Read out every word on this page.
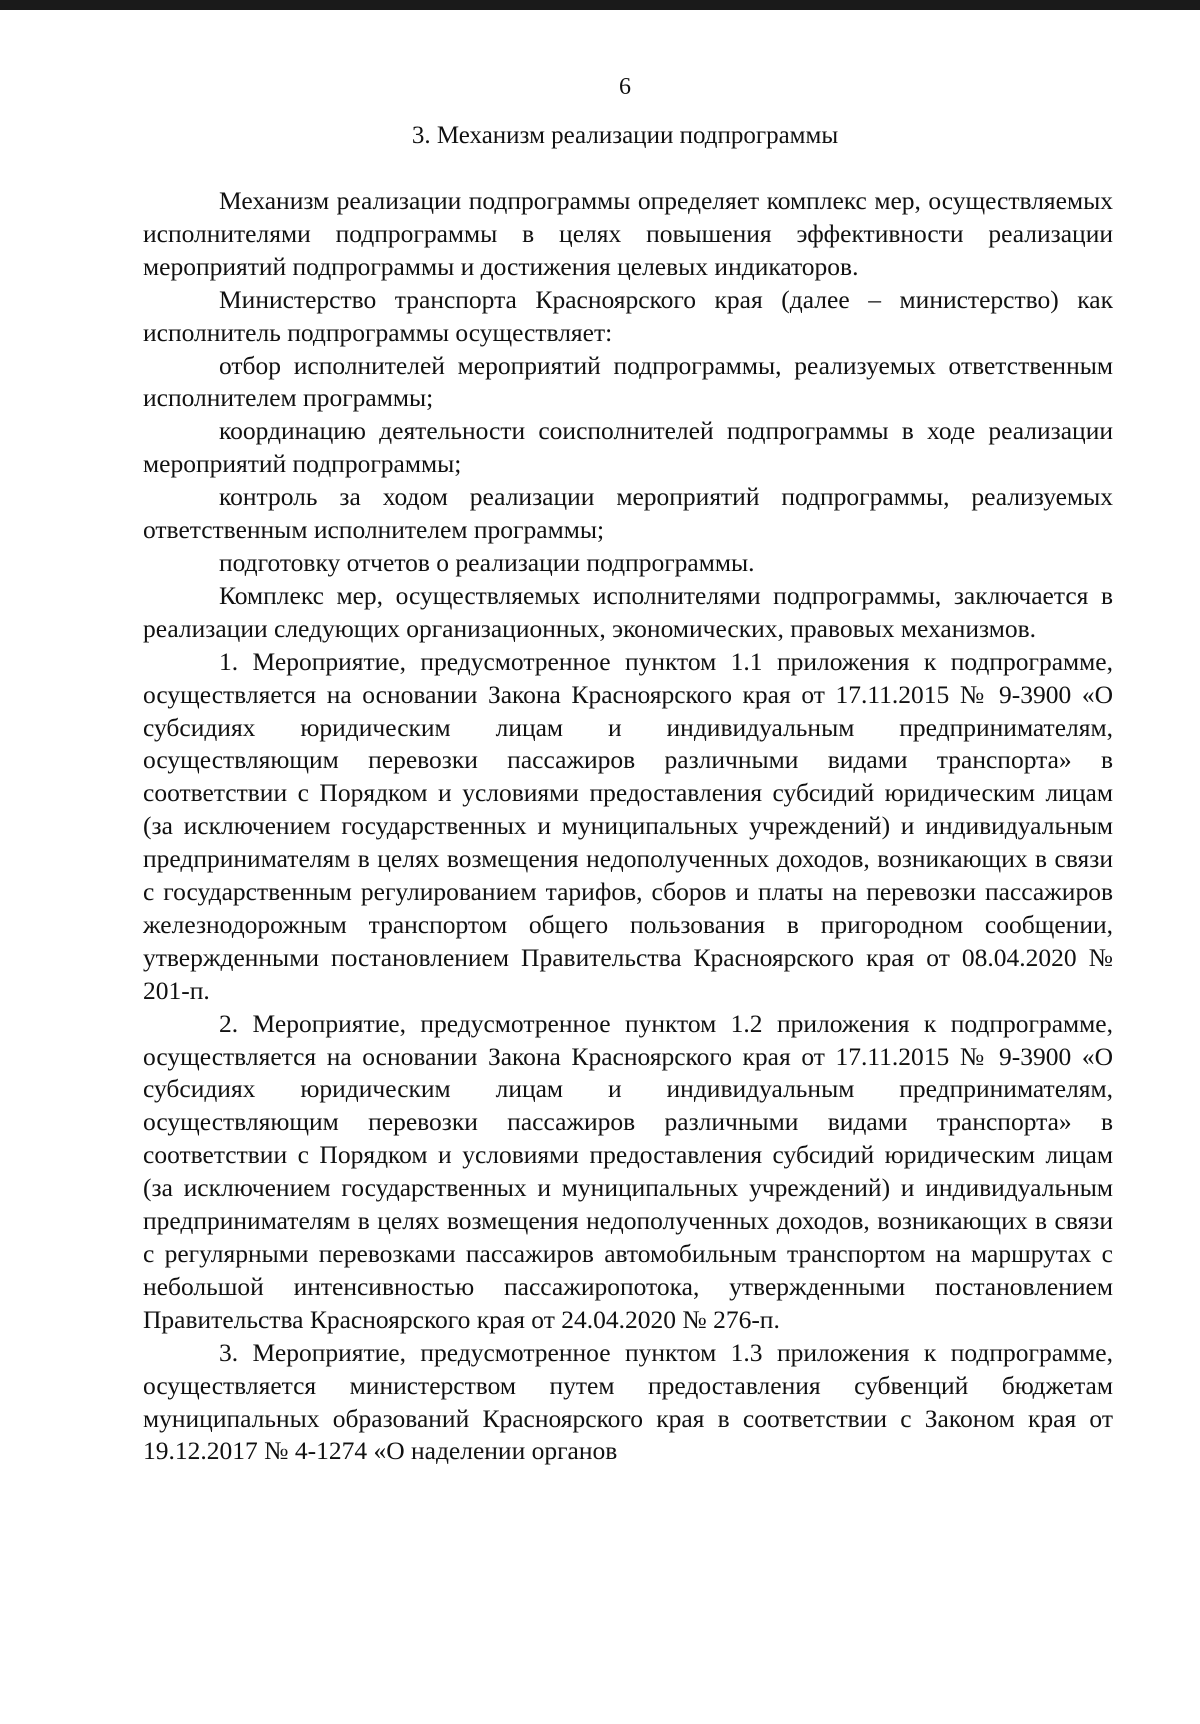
6
3. Механизм реализации подпрограммы

Механизм реализации подпрограммы определяет комплекс мер, осуществляемых исполнителями подпрограммы в целях повышения эффективности реализации мероприятий подпрограммы и достижения целевых индикаторов.

Министерство транспорта Красноярского края (далее – министерство) как исполнитель подпрограммы осуществляет:

отбор исполнителей мероприятий подпрограммы, реализуемых ответственным исполнителем программы;

координацию деятельности соисполнителей подпрограммы в ходе реализации мероприятий подпрограммы;

контроль за ходом реализации мероприятий подпрограммы, реализуемых ответственным исполнителем программы;

подготовку отчетов о реализации подпрограммы.

Комплекс мер, осуществляемых исполнителями подпрограммы, заключается в реализации следующих организационных, экономических, правовых механизмов.

1. Мероприятие, предусмотренное пунктом 1.1 приложения к подпрограмме, осуществляется на основании Закона Красноярского края от 17.11.2015 № 9-3900 «О субсидиях юридическим лицам и индивидуальным предпринимателям, осуществляющим перевозки пассажиров различными видами транспорта» в соответствии с Порядком и условиями предоставления субсидий юридическим лицам (за исключением государственных и муниципальных учреждений) и индивидуальным предпринимателям в целях возмещения недополученных доходов, возникающих в связи с государственным регулированием тарифов, сборов и платы на перевозки пассажиров железнодорожным транспортом общего пользования в пригородном сообщении, утвержденными постановлением Правительства Красноярского края от 08.04.2020 № 201-п.

2. Мероприятие, предусмотренное пунктом 1.2 приложения к подпрограмме, осуществляется на основании Закона Красноярского края от 17.11.2015 № 9-3900 «О субсидиях юридическим лицам и индивидуальным предпринимателям, осуществляющим перевозки пассажиров различными видами транспорта» в соответствии с Порядком и условиями предоставления субсидий юридическим лицам (за исключением государственных и муниципальных учреждений) и индивидуальным предпринимателям в целях возмещения недополученных доходов, возникающих в связи с регулярными перевозками пассажиров автомобильным транспортом на маршрутах с небольшой интенсивностью пассажиропотока, утвержденными постановлением Правительства Красноярского края от 24.04.2020 № 276-п.

3. Мероприятие, предусмотренное пунктом 1.3 приложения к подпрограмме, осуществляется министерством путем предоставления субвенций бюджетам муниципальных образований Красноярского края в соответствии с Законом края от 19.12.2017 № 4-1274 «О наделении органов
